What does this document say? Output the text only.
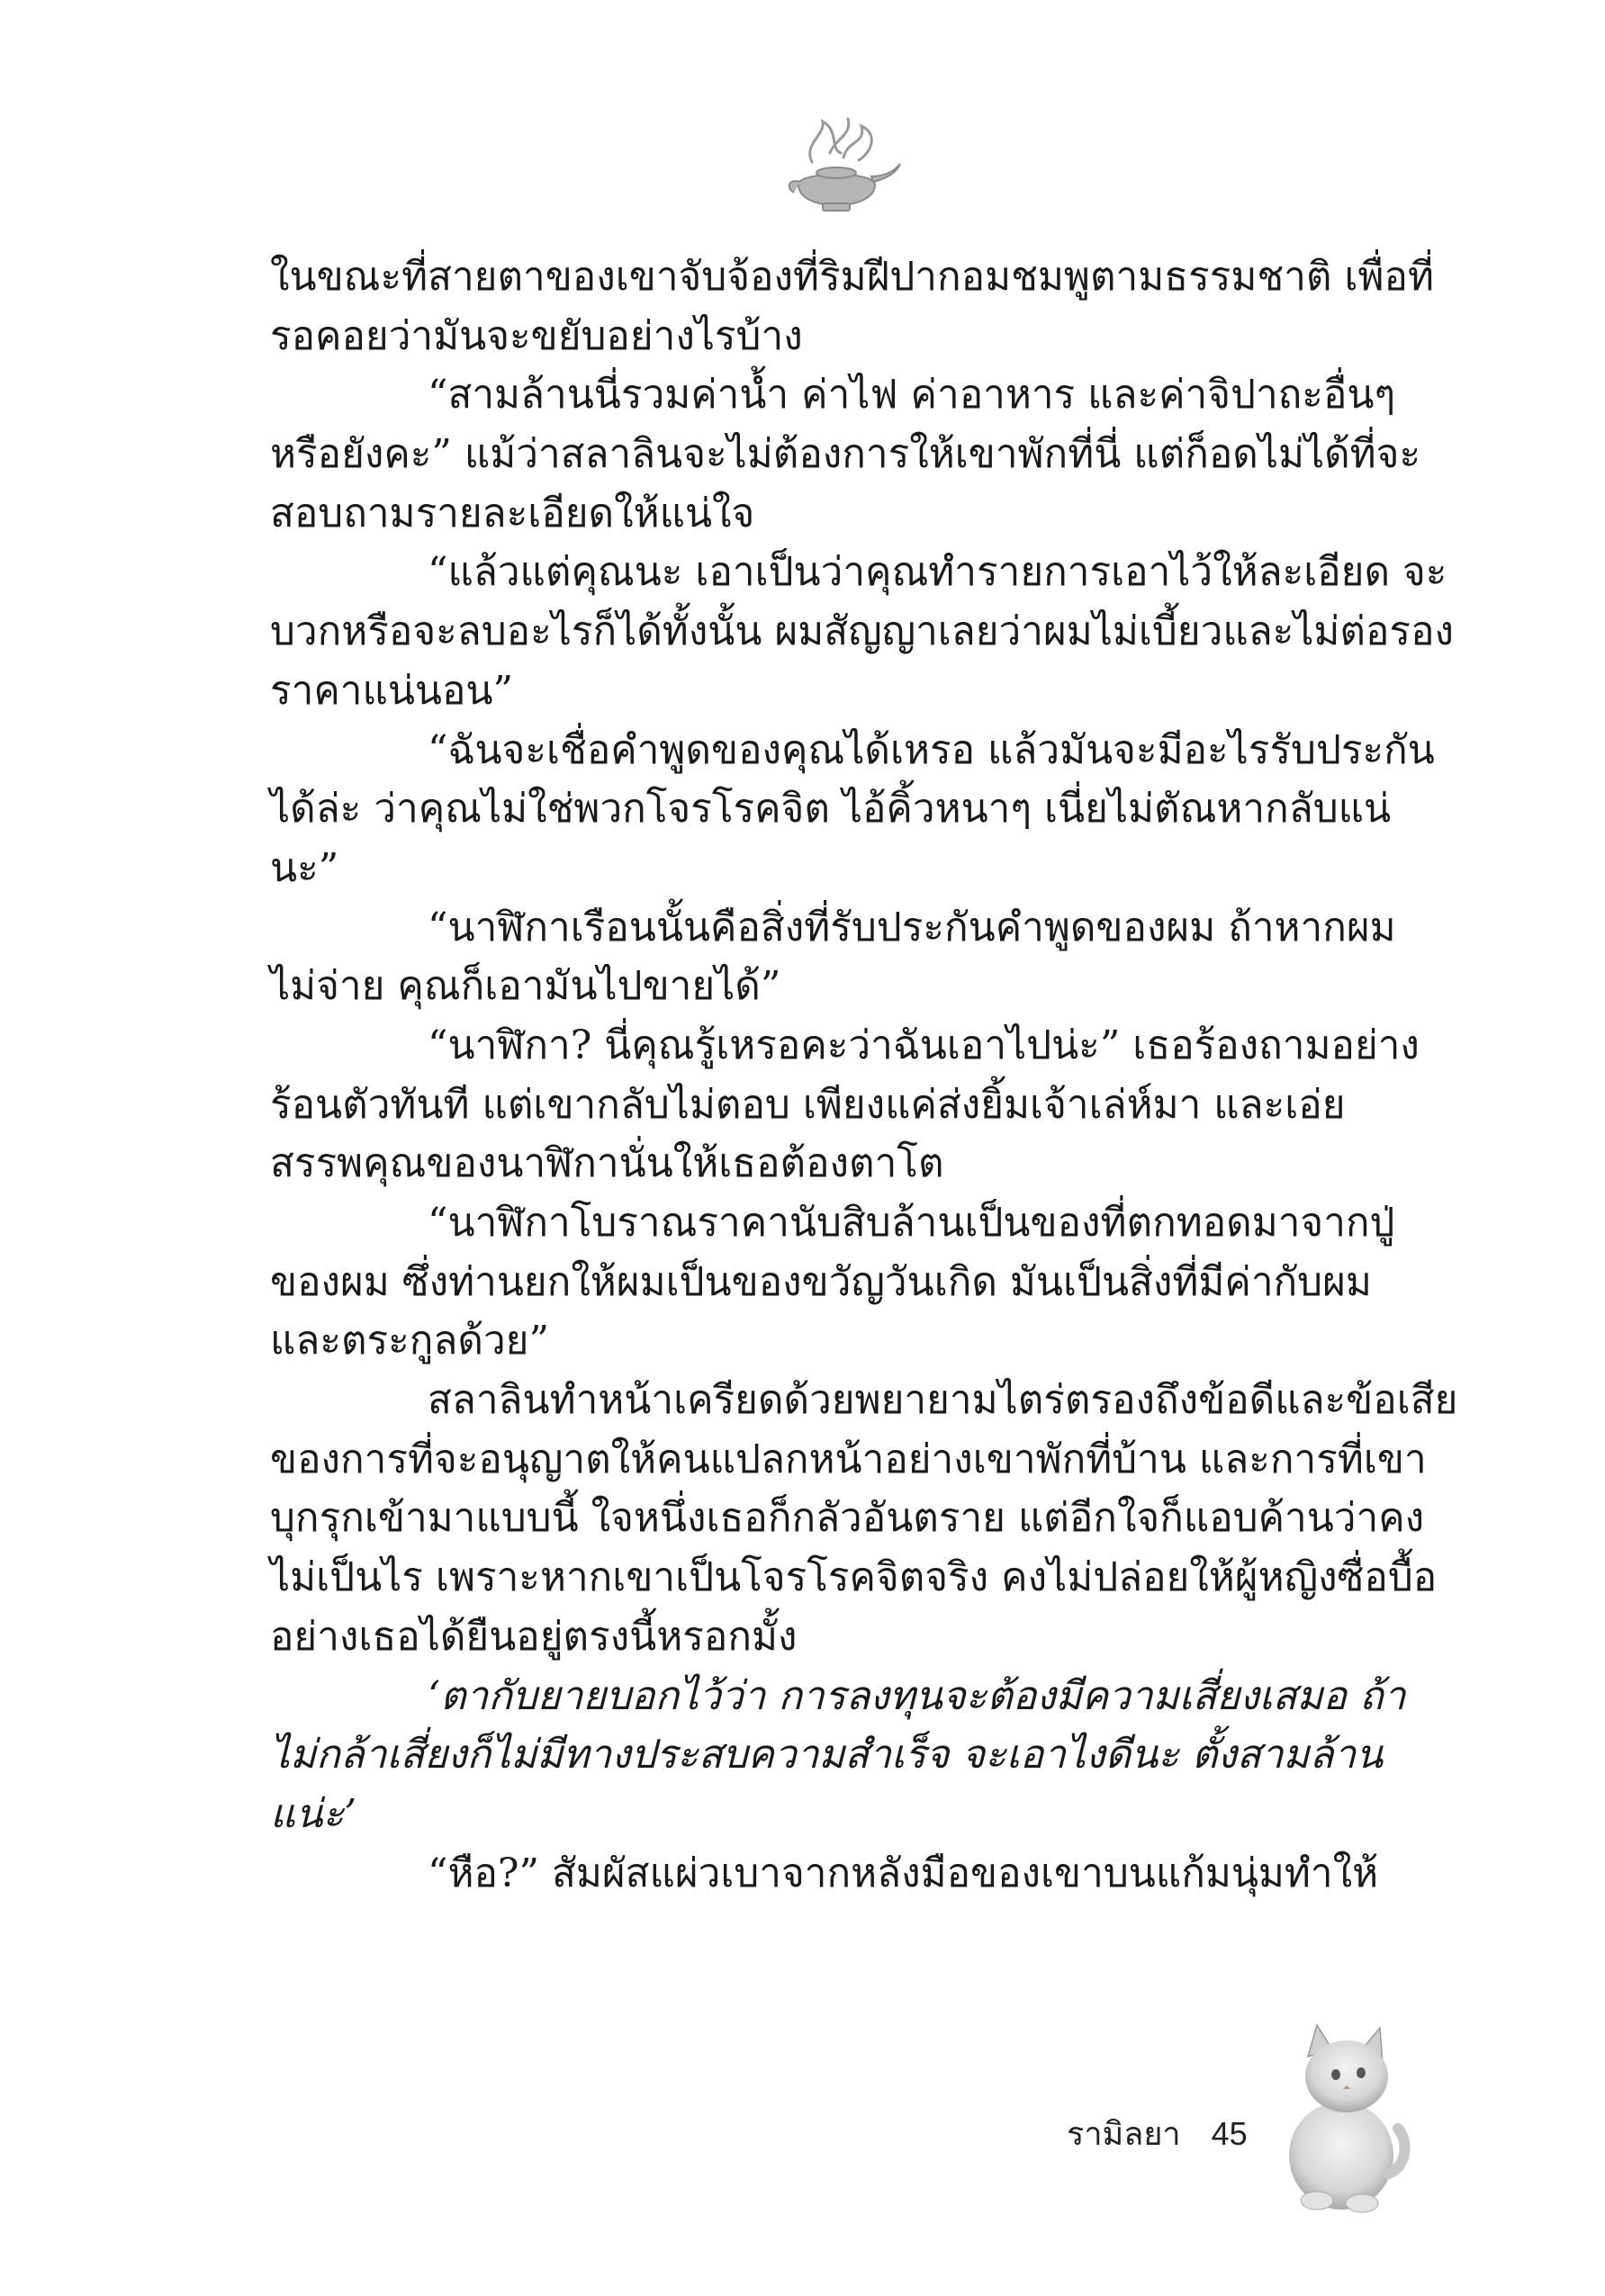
ในขณะที่สายตาของเขาจับจ้องที่ริมฝีปากอมชมพูตามธรรมชาติ เพื่อที่
รอคอยว่ามันจะขยับอย่างไรบ้าง
“สามล้านนี่รวมค่าน้ำ ค่าไฟ ค่าอาหาร และค่าจิปาถะอื่นๆ
หรือยังคะ” แม้ว่าสลาลินจะไม่ต้องการให้เขาพักที่นี่ แต่ก็อดไม่ได้ที่จะ
สอบถามรายละเอียดให้แน่ใจ
“แล้วแต่คุณนะ เอาเป็นว่าคุณทำรายการเอาไว้ให้ละเอียด จะ
บวกหรือจะลบอะไรก็ได้ทั้งนั้น ผมสัญญาเลยว่าผมไม่เบี้ยวและไม่ต่อรอง
ราคาแน่นอน”
“ฉันจะเชื่อคำพูดของคุณได้เหรอ แล้วมันจะมีอะไรรับประกัน
ได้ล่ะ ว่าคุณไม่ใช่พวกโจรโรคจิต ไอ้คิ้วหนาๆ เนี่ยไม่ตัณหากลับแน่
นะ”
“นาฬิกาเรือนนั้นคือสิ่งที่รับประกันคำพูดของผม ถ้าหากผม
ไม่จ่าย คุณก็เอามันไปขายได้”
“นาฬิกา? นี่คุณรู้เหรอคะว่าฉันเอาไปน่ะ” เธอร้องถามอย่าง
ร้อนตัวทันที แต่เขากลับไม่ตอบ เพียงแค่ส่งยิ้มเจ้าเล่ห์มา และเอ่ย
สรรพคุณของนาฬิกานั่นให้เธอต้องตาโต
“นาฬิกาโบราณราคานับสิบล้านเป็นของที่ตกทอดมาจากปู่
ของผม ซึ่งท่านยกให้ผมเป็นของขวัญวันเกิด มันเป็นสิ่งที่มีค่ากับผม
และตระกูลด้วย”
สลาลินทำหน้าเครียดด้วยพยายามไตร่ตรองถึงข้อดีและข้อเสีย
ของการที่จะอนุญาตให้คนแปลกหน้าอย่างเขาพักที่บ้าน และการที่เขา
บุกรุกเข้ามาแบบนี้ ใจหนึ่งเธอก็กลัวอันตราย แต่อีกใจก็แอบค้านว่าคง
ไม่เป็นไร เพราะหากเขาเป็นโจรโรคจิตจริง คงไม่ปล่อยให้ผู้หญิงซื่อบื้อ
อย่างเธอได้ยืนอยู่ตรงนี้หรอกมั้ง
‘ตากับยายบอกไว้ว่า การลงทุนจะต้องมีความเสี่ยงเสมอ ถ้า
ไม่กล้าเสี่ยงก็ไม่มีทางประสบความสำเร็จ จะเอาไงดีนะ ตั้งสามล้าน
แน่ะ’
“หือ?” สัมผัสแผ่วเบาจากหลังมือของเขาบนแก้มนุ่มทำให้
รามิลยา 45
